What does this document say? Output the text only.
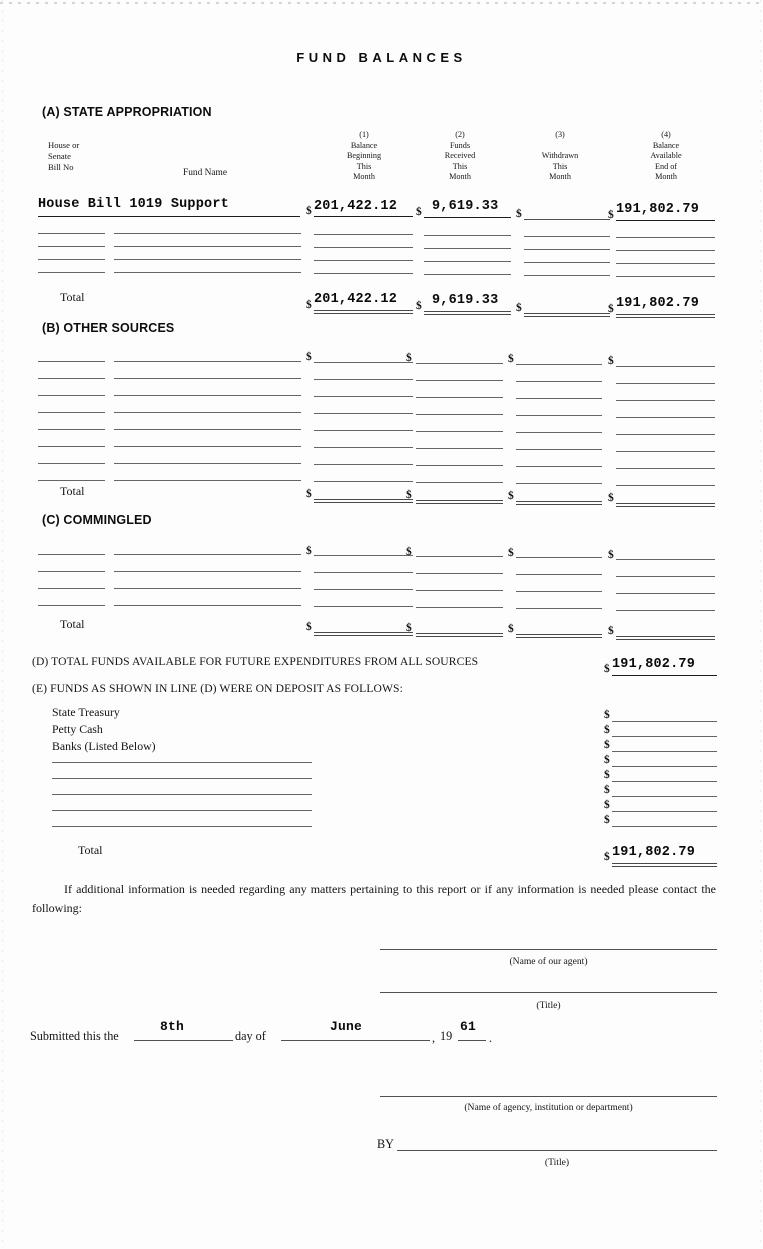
FUND BALANCES
(A) STATE APPROPRIATION
House or
Senate
Bill No
Fund Name
(1)
Balance
Beginning
This
Month
(2)
Funds
Received
This
Month
(3)
Withdrawn
This
Month
(4)
Balance
Available
End of
Month
House Bill 1019 Support	$ 201,422.12 $ 9,619.33 $	$ 191,802.79
Total
$ 201,422.12 $ 9,619.33 $	$ 191,802.79
(B) OTHER SOURCES
$	$	$	$
Total	$	$	$	$
(C) COMMINGLED
$	$	$	$
Total	$	$	$	$
(D) TOTAL FUNDS AVAILABLE FOR FUTURE EXPENDITURES FROM ALL SOURCES
$ 191,802.79
(E) FUNDS AS SHOWN IN LINE (D) WERE ON DEPOSIT AS FOLLOWS:
State Treasury
Petty Cash
Banks (Listed Below)
$
$
$
$
$
$
$
$
Total	$ 191,802.79
If additional information is needed regarding any matters pertaining to this report or if any information is needed please contact the following:
(Name of our agent)
(Title)
Submitted this the
8th
day of
June
, 19
61
.
(Name of agency, institution or department)
BY
(Title)
